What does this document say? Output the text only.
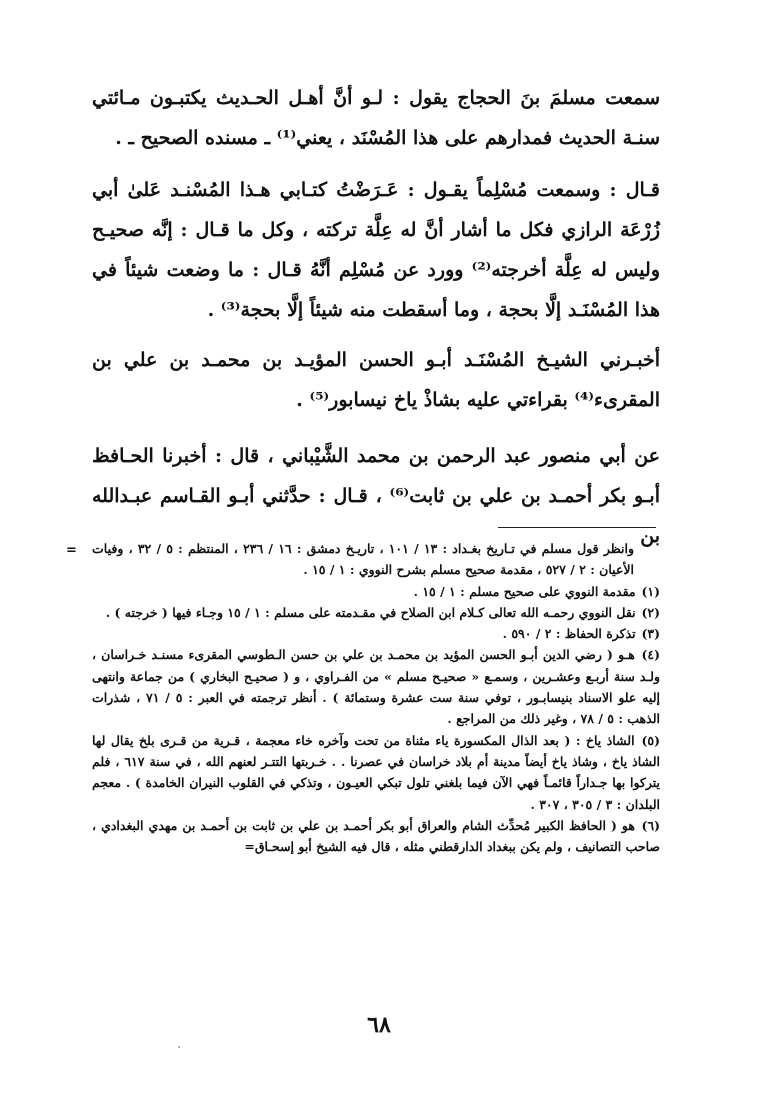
سمعت مسلمَ بنَ الحجاج يقول : لـو أنَّ أهـل الحـديث يكتبـون مـائتي سنـة الحديث فمدارهم على هذا المُسْنَد ، يعني⁽¹⁾ ـ مسنده الصحيح ـ .

قـال : وسمعت مُسْلِماً يقـول : عَـرَضْتُ كتـابي هـذا المُسْنـد عَلىٰ أبي زُرْعَة الرازي فكل ما أشار أنَّ له عِلَّة تركته ، وكل ما قـال : إنَّه صحيـح وليس له عِلَّة أخرجته⁽²⁾ وورد عن مُسْلِم أنَّهُ قـال : ما وضعت شيئاً في هذا المُسْنَـد إلَّا بحجة ، وما أسقطت منه شيئاً إلَّا بحجة⁽³⁾ .

أخبـرني الشيـخ المُسْنَـد أبـو الحسن المؤيـد بن محمـد بن علي بن المقرىء⁽⁴⁾ بقراءتي عليه بشاذْ ياخ نيسابور⁽⁵⁾ .

عن أبي منصور عبد الرحمن بن محمد الشَّيْباني ، قال : أخبرنا الحـافظ أبـو بكر أحمـد بن علي بن ثابت⁽⁶⁾ ، قـال : حدَّثني أبـو القـاسم عبـدالله بن

= وانظر قول مسلم في تـاريخ بغـداد : ١٣ / ١٠١ ، تاريـخ دمشق : ١٦ / ٢٣٦ ، المنتظم : ٥ / ٣٢ ، وفيات الأعيان : ٢ / ٥٢٧ ، مقدمة صحيح مسلم بشرح النووي : ١ / ١٥ .
(١) مقدمة النووي على صحيح مسلم : ١ / ١٥ .
(٢) نقل النووي رحمـه الله تعالى كـلام ابن الصلاح في مقـدمته على مسلم : ١ / ١٥ وجـاء فيها ( خرجته ) .
(٣) تذكرة الحفاظ : ٢ / ٥٩٠ .
(٤) هـو ( رضي الدين أبـو الحسن المؤيد بن محمـد بن علي بن حسن الـطوسي المقرىء مسنـد خـراسان ، ولـد سنة أربـع وعشـرين ، وسمـع « صحيـح مسلم » من الفـراوي ، و ( صحيـح البخاري ) من جماعة وانتهى إليه علو الاسناد بنيسابـور ، توفي سنة ست عشرة وستمائة ) . أنظر ترجمته في العبر : ٥ / ٧١ ، شذرات الذهب : ٥ / ٧٨ ، وغير ذلك من المراجع .
(٥) الشاذ ياخ : ( بعد الذال المكسورة ياء مثناة من تحت وآخره خاء معجمة ، قـرية من قـرى بلخ يقال لها الشاذ ياخ ، وشاذ ياخ أيضاً مدينة أم بلاد خراسان في عصرنا . . خـربتها التتـر لعنهم الله ، في سنة ٦١٧ ، فلم يتركوا بها جـداراً قائمـاً فهي الآن فيما بلغني تلول تبكي العيـون ، وتذكي في القلوب النيران الخامدة ) . معجم البلدان : ٣ / ٣٠٥ ، ٣٠٧ .
(٦) هو ( الحافظ الكبير مُحدِّث الشام والعراق أبو بكر أحمـد بن علي بن ثابت بن أحمـد بن مهدي البغدادي ، صاحب التصانيف ، ولم يكن ببغداد الدارقطني مثله ، قال فيه الشيخ أبو إسحـاق=
٦٨
